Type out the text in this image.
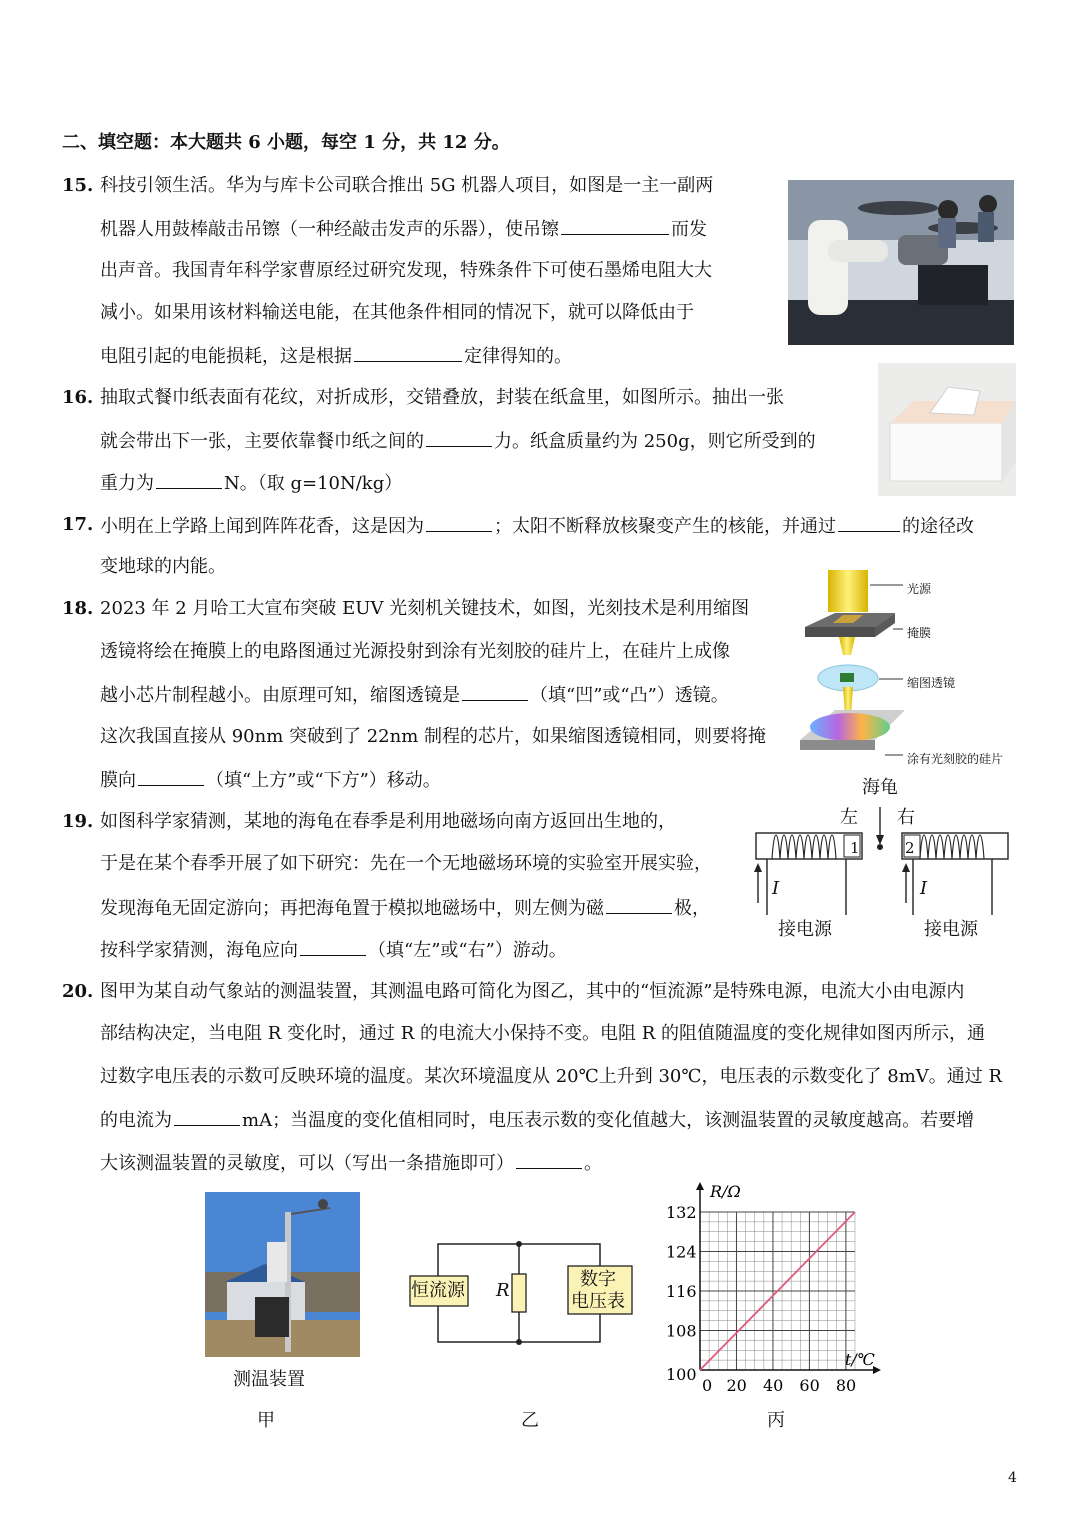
二、填空题：本大题共 6 小题，每空 1 分，共 12 分。
15. 科技引领生活。华为与库卡公司联合推出 5G 机器人项目，如图是一主一副两
机器人用鼓棒敲击吊镲（一种经敲击发声的乐器），使吊镲	而发
出声音。我国青年科学家曹原经过研究发现，特殊条件下可使石墨烯电阻大大
减小。如果用该材料输送电能，在其他条件相同的情况下，就可以降低由于
电阻引起的电能损耗，这是根据	定律得知的。
16. 抽取式餐巾纸表面有花纹，对折成形，交错叠放，封装在纸盒里，如图所示。抽出一张
就会带出下一张，主要依靠餐巾纸之间的	力。纸盒质量约为 250g，则它所受到的
重力为	N。（取 g=10N/kg）
17. 小明在上学路上闻到阵阵花香，这是因为	；太阳不断释放核聚变产生的核能，并通过	的途径改
变地球的内能。
18. 2023 年 2 月哈工大宣布突破 EUV 光刻机关键技术，如图，光刻技术是利用缩图
透镜将绘在掩膜上的电路图通过光源投射到涂有光刻胶的硅片上，在硅片上成像
越小芯片制程越小。由原理可知，缩图透镜是	（填“凹”或“凸”）透镜。
这次我国直接从 90nm 突破到了 22nm 制程的芯片，如果缩图透镜相同，则要将掩
膜向	（填“上方”或“下方”）移动。
光源
掩膜
缩图透镜
涂有光刻胶的硅片
19. 如图科学家猜测，某地的海龟在春季是利用地磁场向南方返回出生地的，
于是在某个春季开展了如下研究：先在一个无地磁场环境的实验室开展实验，
发现海龟无固定游向；再把海龟置于模拟地磁场中，则左侧为磁	极，
按科学家猜测，海龟应向	（填“左”或“右”）游动。
海龟
左 右
1	2
I	I
接电源	接电源
20. 图甲为某自动气象站的测温装置，其测温电路可简化为图乙，其中的“恒流源”是特殊电源，电流大小由电源内
部结构决定，当电阻 R 变化时，通过 R 的电流大小保持不变。电阻 R 的阻值随温度的变化规律如图丙所示，通
过数字电压表的示数可反映环境的温度。某次环境温度从 20℃上升到 30℃，电压表的示数变化了 8mV。通过 R
的电流为	mA；当温度的变化值相同时，电压表示数的变化值越大，该测温装置的灵敏度越高。若要增
大该测温装置的灵敏度，可以（写出一条措施即可）	。
测温装置
甲
恒流源 R
数字
电压表
乙
0 20 40 60 80
100
108
116
124
132
R/Ω
t/℃
丙
4
